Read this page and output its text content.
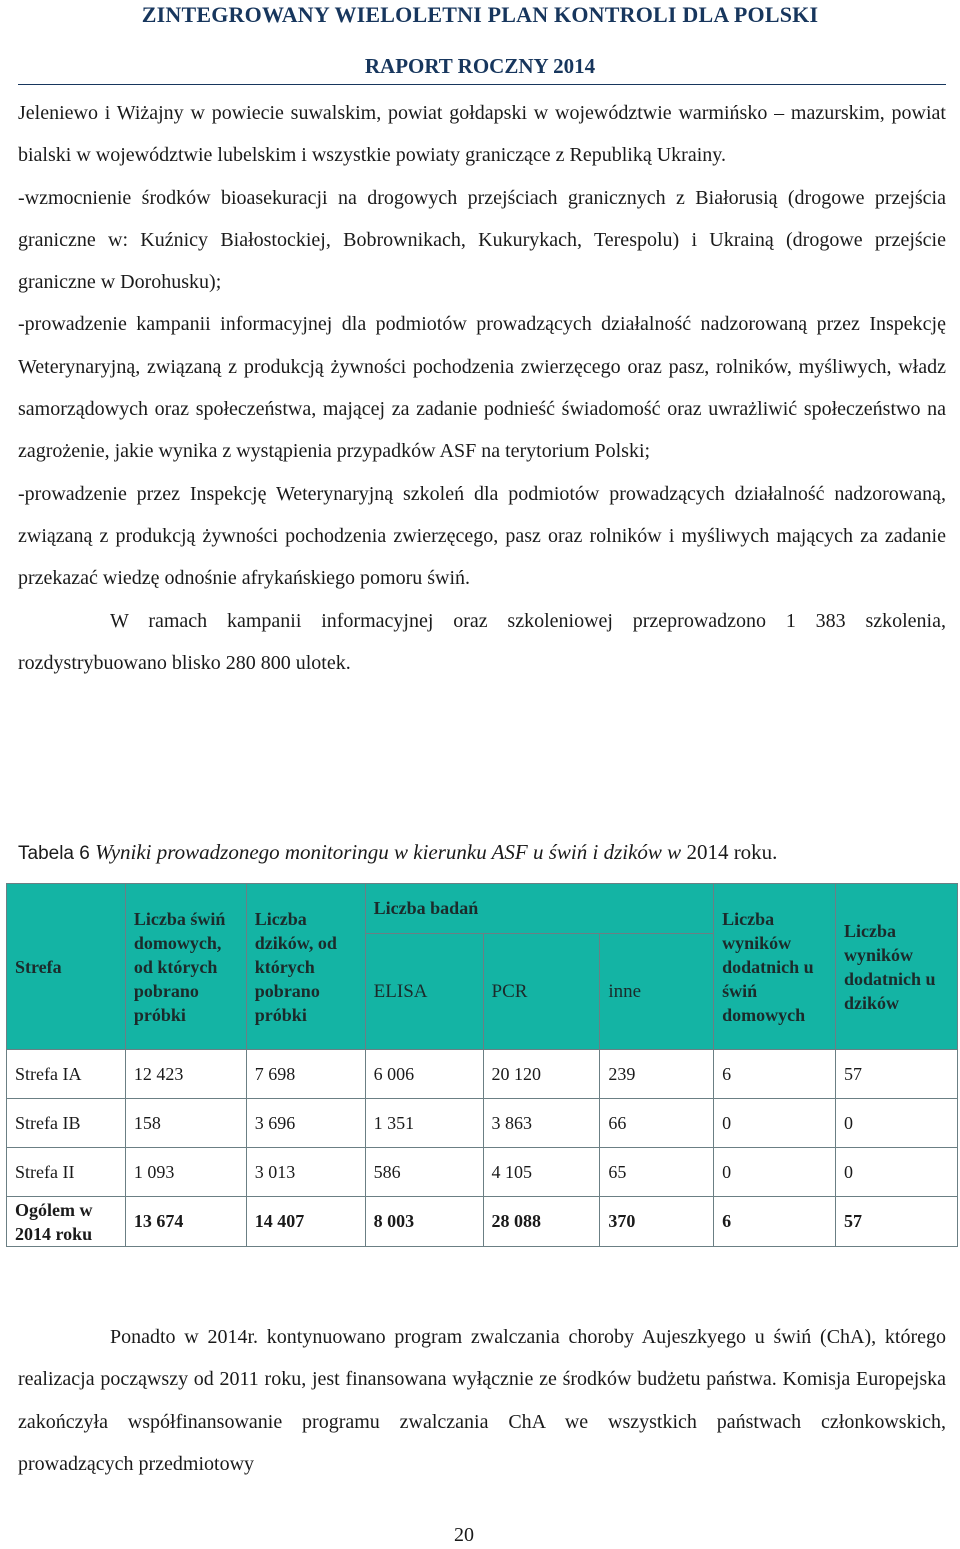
ZINTEGROWANY WIELOLETNI PLAN KONTROLI DLA POLSKI
RAPORT ROCZNY 2014

Jeleniewo i Wiżajny w powiecie suwalskim, powiat gołdapski w województwie warmińsko – mazurskim, powiat bialski w województwie lubelskim i wszystkie powiaty graniczące z Republiką Ukrainy.

-wzmocnienie środków bioasekuracji na drogowych przejściach granicznych z Białorusią (drogowe przejścia graniczne w: Kuźnicy Białostockiej, Bobrownikach, Kukurykach, Terespolu) i Ukrainą (drogowe przejście graniczne w Dorohusku);

-prowadzenie kampanii informacyjnej dla podmiotów prowadzących działalność nadzorowaną przez Inspekcję Weterynaryjną, związaną z produkcją żywności pochodzenia zwierzęcego oraz pasz, rolników, myśliwych, władz samorządowych oraz społeczeństwa, mającej za zadanie podnieść świadomość oraz uwrażliwić społeczeństwo na zagrożenie, jakie wynika z wystąpienia przypadków ASF na terytorium Polski;

-prowadzenie przez Inspekcję Weterynaryjną szkoleń dla podmiotów prowadzących działalność nadzorowaną, związaną z produkcją żywności pochodzenia zwierzęcego, pasz oraz rolników i myśliwych mających za zadanie przekazać wiedzę odnośnie afrykańskiego pomoru świń.

W ramach kampanii informacyjnej oraz szkoleniowej przeprowadzono 1 383 szkolenia, rozdystrybuowano blisko 280 800 ulotek.

Tabela 6 Wyniki prowadzonego monitoringu w kierunku ASF u świń i dzików w 2014 roku.
Strefa	Liczba świń domowych, od których pobrano próbki	Liczba dzików, od których pobrano próbki	Liczba badań			Liczba wyników dodatnich u świń domowych	Liczba wyników dodatnich u dzików
			ELISA	PCR	inne		
Strefa IA	12 423	7 698	6 006	20 120	239	6	57
Strefa IB	158	3 696	1 351	3 863	66	0	0
Strefa II	1 093	3 013	586	4 105	65	0	0
Ogólem w 2014 roku	13 674	14 407	8 003	28 088	370	6	57

Ponadto w 2014r. kontynuowano program zwalczania choroby Aujeszkyego u świń (ChA), którego realizacja począwszy od 2011 roku, jest finansowana wyłącznie ze środków budżetu państwa. Komisja Europejska zakończyła współfinansowanie programu zwalczania ChA we wszystkich państwach członkowskich, prowadzących przedmiotowy

20
